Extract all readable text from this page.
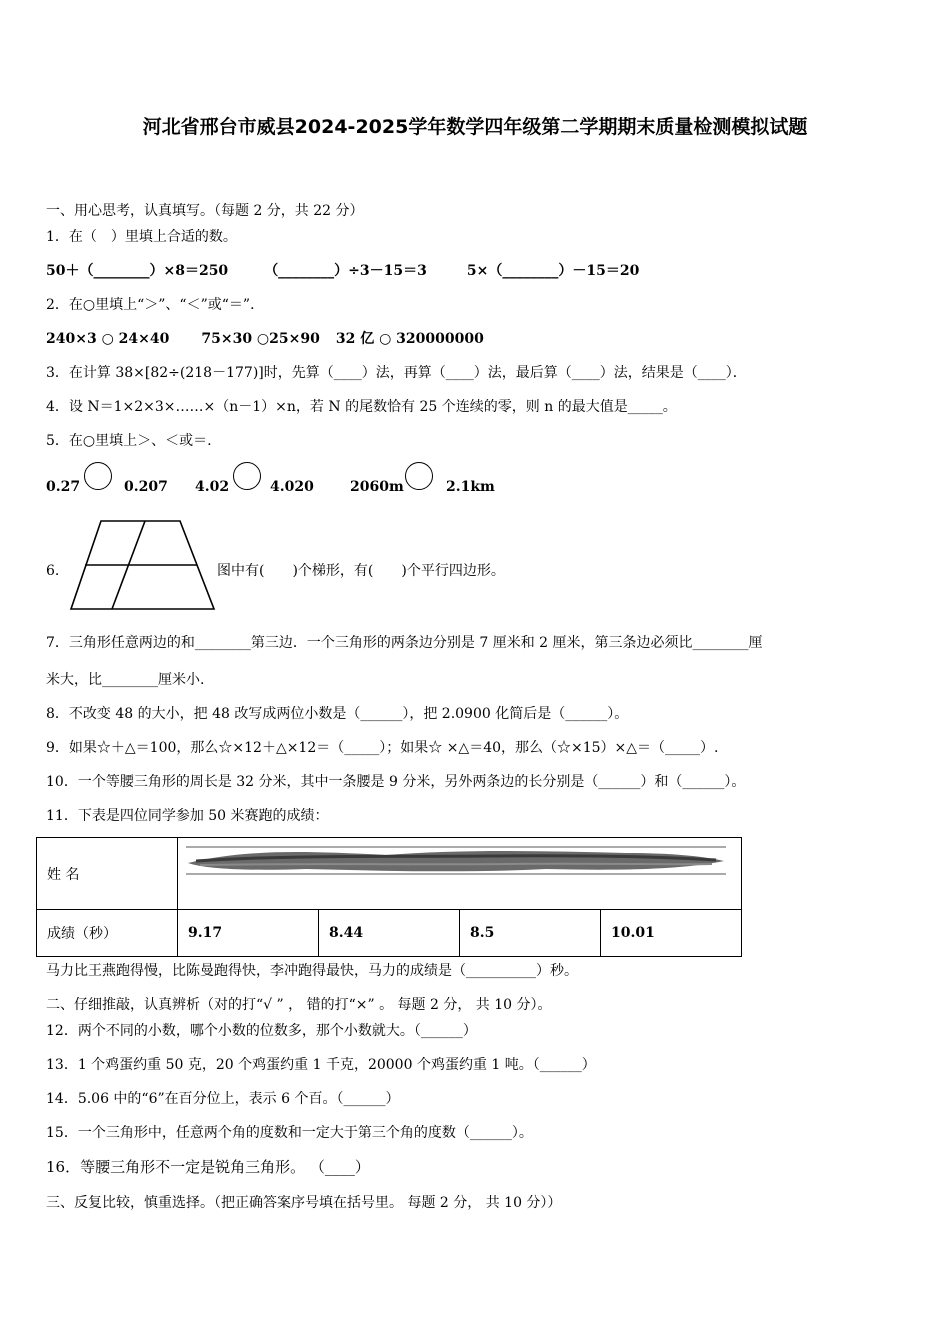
河北省邢台市威县2024-2025学年数学四年级第二学期期末质量检测模拟试题
一、用心思考，认真填写。（每题 2 分，共 22 分）
1．在（　）里填上合适的数。
50＋（________）×8＝250	（________）÷3－15＝3	5×（________）－15＝20
2．在○里填上“＞”、“＜”或“＝”．
240×3 ○ 24×40 75×30 ○25×90 32 亿 ○ 320000000
3．在计算 38×[82÷(218－177)]时，先算（____）法，再算（____）法，最后算（____）法，结果是（____）．
4．设 N＝1×2×3×……×（n－1）×n，若 N 的尾数恰有 25 个连续的零，则 n 的最大值是_____。
5．在○里填上＞、＜或＝.
0.27	0.207 4.02	4.020	2060m	2.1km
6.	图中有(　　)个梯形，有(　　)个平行四边形。
7．三角形任意两边的和________第三边．一个三角形的两条边分别是 7 厘米和 2 厘米，第三条边必须比________厘
米大，比________厘米小.
8．不改变 48 的大小，把 48 改写成两位小数是（______），把 2.0900 化简后是（______）。
9．如果☆＋△＝100，那么☆×12＋△×12＝（_____）；如果☆ ×△＝40，那么（☆×15）×△＝（_____）.
10．一个等腰三角形的周长是 32 分米，其中一条腰是 9 分米，另外两条边的长分别是（______）和（______）。
11．下表是四位同学参加 50 米赛跑的成绩：
姓 名				
成绩（秒）	9.17	8.44	8.5	10.01
马力比王燕跑得慢，比陈曼跑得快，李冲跑得最快，马力的成绩是（__________）秒。
二、仔细推敲，认真辨析（对的打“√ ” ， 错的打“×” 。 每题 2 分， 共 10 分）。
12．两个不同的小数，哪个小数的位数多，那个小数就大。（______）
13．1 个鸡蛋约重 50 克，20 个鸡蛋约重 1 千克，20000 个鸡蛋约重 1 吨。（______）
14．5.06 中的“6”在百分位上，表示 6 个百。（______）
15．一个三角形中，任意两个角的度数和一定大于第三个角的度数（______）。
16．等腰三角形不一定是锐角三角形。 （____）
三、反复比较，慎重选择。（把正确答案序号填在括号里。 每题 2 分， 共 10 分））
